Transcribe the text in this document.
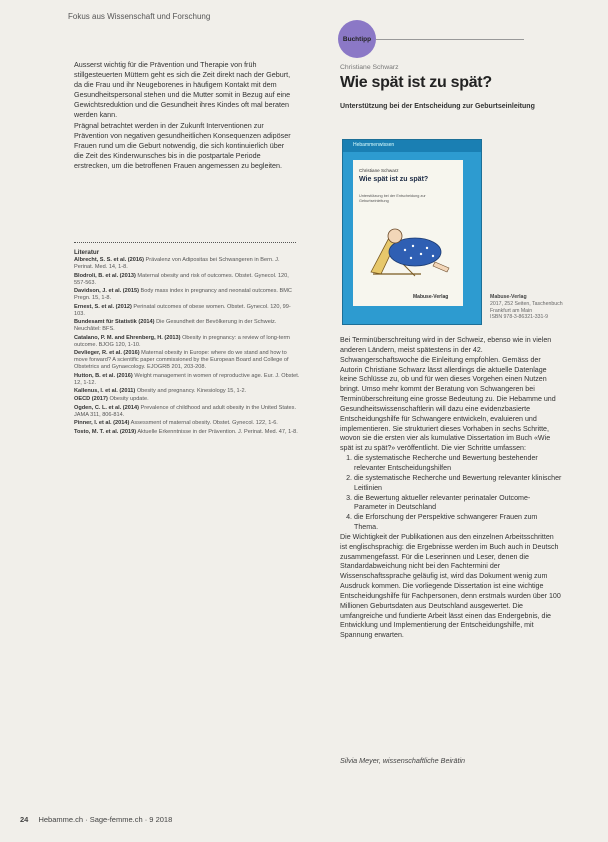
Fokus aus Wissenschaft und Forschung

Ausserst wichtig für die Prävention und Therapie von früh stillgesteuerten Müttern geht es sich die Zeit direkt nach der Geburt, da die Frau und ihr Neugeborenes in häufigem Kontakt mit dem Gesundheitspersonal stehen und die Mutter somit in Bezug auf eine Gewichtsreduktion und die Gesundheit ihres Kindes oft mal beraten werden kann.

Prägnal betrachtet werden in der Zukunft Interventionen zur Prävention von negativen gesundheitlichen Konsequenzen adipöser Frauen rund um die Geburt notwendig, die sich kontinuierlich über die Zeit des Kinderwunsches bis in die postpartale Periode erstrecken, um die betroffenen Frauen angemessen zu begleiten.

Literatur
Albrecht, S. S. et al. (2016) Prävalenz von Adipositas bei Schwangeren in Bern. J. Perinat. Med. 14, 1-8.
Blodroli, B. et al. (2013) Maternal obesity and risk of outcomes. Obstet. Gynecol. 120, 557-563.
Davidson, J. et al. (2015) Body mass index in pregnancy and neonatal outcomes. BMC Pregn. 15, 1-8.
Ernest, S. et al. (2012) Perinatal outcomes of obese women. Obstet. Gynecol. 120, 99-103.
Bundesamt für Statistik (2014) Die Gesundheit der Bevölkerung in der Schweiz. Neuchâtel: BFS.
Catalano, P. M. and Ehrenberg, H. (2013) Obesity in pregnancy: a review of long-term outcome. BJOG 120, 1-10.
Devlieger, R. et al. (2016) Maternal obesity in Europe: where do we stand and how to move forward? A scientific paper commissioned by the European Board and College of Obstetrics and Gynaecology. EJOGRB 201, 203-208.
Hutton, B. et al. (2016) Weight management in women of reproductive age. Eur. J. Obstet. 12, 1-12.
Kallenus, I. et al. (2011) Obesity and pregnancy. Kinesiology 15, 1-2.
OECD (2017) Obesity update.
Ogden, C. L. et al. (2014) Prevalence of childhood and adult obesity in the United States. JAMA 311, 806-814.
Pinner, I. et al. (2014) Assessment of maternal obesity. Obstet. Gynecol. 122, 1-6.
Tosto, M. T. et al. (2019) Aktuelle Erkenntnisse in der Prävention. J. Perinat. Med. 47, 1-8.
Buchtipp
Christiane Schwarz
Wie spät ist zu spät?
Unterstützung bei der Entscheidung zur Geburtseinleitung
Hebammenwissen
Christiane Schwarz
Wie spät ist zu spät?
Unterstützung bei der Entscheidung zur Geburtseinleitung
Mabuse-Verlag	Mabuse-Verlag
2017, 252 Seiten, Taschenbuch
Frankfurt am Main
ISBN 978-3-86321-331-9

Bei Terminüberschreitung wird in der Schweiz, ebenso wie in vielen anderen Ländern, meist spätestens in der 42. Schwangerschaftswoche die Einleitung empfohlen. Gemäss der Autorin Christiane Schwarz lässt allerdings die aktuelle Datenlage keine Schlüsse zu, ob und für wen dieses Vorgehen einen Nutzen bringt. Umso mehr kommt der Beratung von Schwangeren bei Terminüberschreitung eine grosse Bedeutung zu. Die Hebamme und Gesundheitswissenschaftlerin will dazu eine evidenzbasierte Entscheidungshilfe für Schwangere entwickeln, evaluieren und implementieren. Sie strukturiert dieses Vorhaben in sechs Schritte, wovon sie die ersten vier als kumulative Dissertation im Buch «Wie spät ist zu spät?» veröffentlicht. Die vier Schritte umfassen:

1. die systematische Recherche und Bewertung bestehender relevanter Entscheidungshilfen
2. die systematische Recherche und Bewertung relevanter klinischer Leitlinien
3. die Bewertung aktueller relevanter perinataler Outcome-Parameter in Deutschland
4. die Erforschung der Perspektive schwangerer Frauen zum Thema.

Die Wichtigkeit der Publikationen aus den einzelnen Arbeitsschritten ist englischsprachig: die Ergebnisse werden im Buch auch in Deutsch zusammengefasst. Für die Leserinnen und Leser, denen die Standardabweichung nicht bei den Fachtermini der Wissenschaftssprache geläufig ist, wird das Dokument wenig zum Ausdruck kommen. Die vorliegende Dissertation ist eine wichtige Entscheidungshilfe für Fachpersonen, denn erstmals wurden über 100 Millionen Geburtsdaten aus Deutschland ausgewertet. Die umfangreiche und fundierte Arbeit lässt einen das Endergebnis, die Entwicklung und Implementierung der Entscheidungshilfe, mit Spannung erwarten.

Silvia Meyer, wissenschaftliche Beirätin
24 Hebamme.ch · Sage-femme.ch · 9 2018
